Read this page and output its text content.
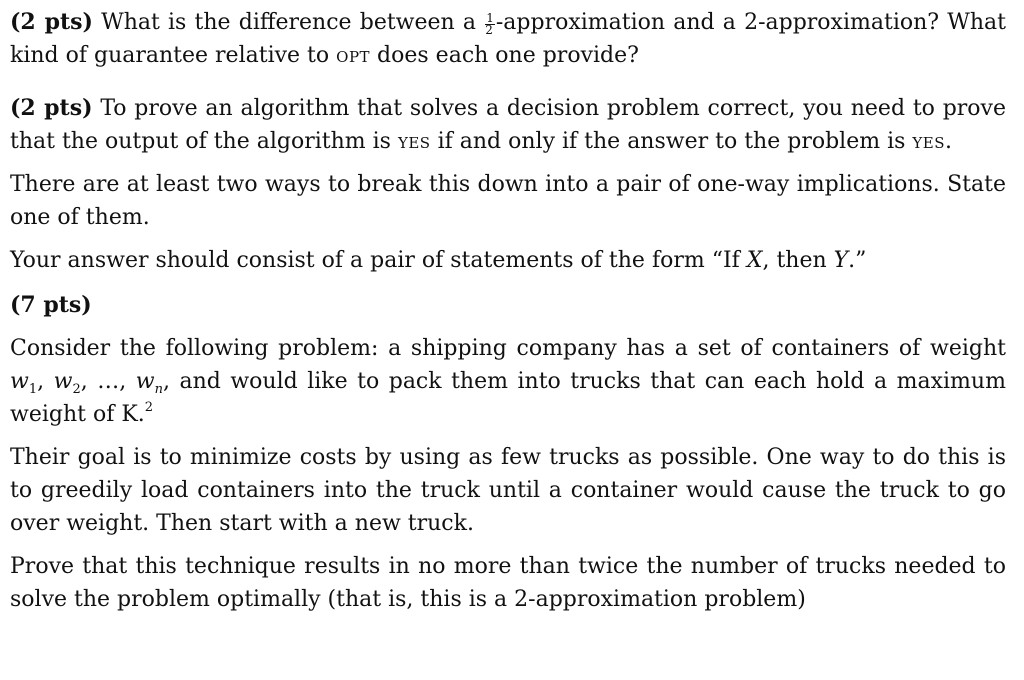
(2 pts) What is the difference between a $\frac{1}{2}$ -approximation and a 2-approximation? What kind of guarantee relative to opt does each one provide?

(2 pts) To prove an algorithm that solves a decision problem correct, you need to prove that the output of the algorithm is yes if and only if the answer to the problem is yes.

There are at least two ways to break this down into a pair of one-way implications. State one of them.

Your answer should consist of a pair of statements of the form “If X, then Y.”

(7 pts)

Consider the following problem: a shipping company has a set of containers of weight $w_1$, $w_2$, …, $w_n$, and would like to pack them into trucks that can each hold a maximum weight of K.$^2$

Their goal is to minimize costs by using as few trucks as possible. One way to do this is to greedily load containers into the truck until a container would cause the truck to go over weight. Then start with a new truck.

Prove that this technique results in no more than twice the number of trucks needed to solve the problem optimally (that is, this is a 2-approximation problem)
